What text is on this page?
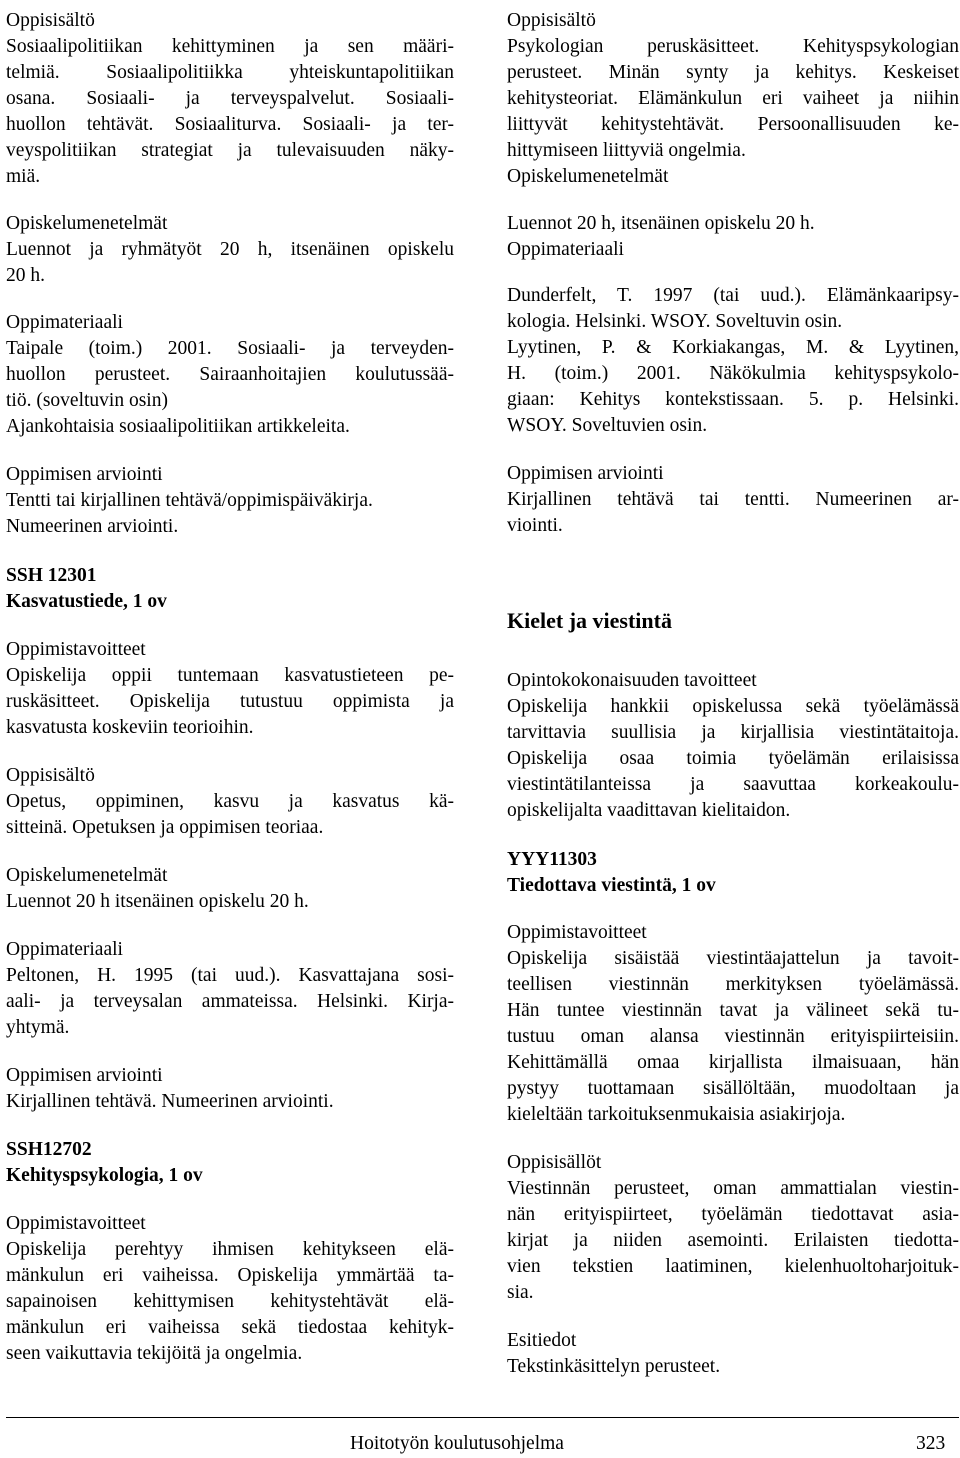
Oppisisältö
Sosiaalipolitiikan kehittyminen ja sen määri-
telmiä. Sosiaalipolitiikka yhteiskuntapolitiikan
osana. Sosiaali- ja terveyspalvelut. Sosiaali-
huollon tehtävät. Sosiaaliturva. Sosiaali- ja ter-
veyspolitiikan strategiat ja tulevaisuuden näky-
miä.
Opiskelumenetelmät
Luennot ja ryhmätyöt 20 h, itsenäinen opiskelu
20 h.
Oppimateriaali
Taipale (toim.) 2001. Sosiaali- ja terveyden-
huollon perusteet. Sairaanhoitajien koulutussää-
tiö. (soveltuvin osin)
Ajankohtaisia sosiaalipolitiikan artikkeleita.
Oppimisen arviointi
Tentti tai kirjallinen tehtävä/oppimispäiväkirja.
Numeerinen arviointi.
SSH 12301
Kasvatustiede, 1 ov
Oppimistavoitteet
Opiskelija oppii tuntemaan kasvatustieteen pe-
ruskäsitteet. Opiskelija tutustuu oppimista ja
kasvatusta koskeviin teorioihin.
Oppisisältö
Opetus, oppiminen, kasvu ja kasvatus kä-
sitteinä. Opetuksen ja oppimisen teoriaa.
Opiskelumenetelmät
Luennot 20 h itsenäinen opiskelu 20 h.
Oppimateriaali
Peltonen, H. 1995 (tai uud.). Kasvattajana sosi-
aali- ja terveysalan ammateissa. Helsinki. Kirja-
yhtymä.
Oppimisen arviointi
Kirjallinen tehtävä. Numeerinen arviointi.
SSH12702
Kehityspsykologia, 1 ov
Oppimistavoitteet
Opiskelija perehtyy ihmisen kehitykseen elä-
mänkulun eri vaiheissa. Opiskelija ymmärtää ta-
sapainoisen kehittymisen kehitystehtävät elä-
mänkulun eri vaiheissa sekä tiedostaa kehityk-
seen vaikuttavia tekijöitä ja ongelmia.
Oppisisältö
Psykologian peruskäsitteet. Kehityspsykologian
perusteet. Minän synty ja kehitys. Keskeiset
kehitysteoriat. Elämänkulun eri vaiheet ja niihin
liittyvät kehitystehtävät. Persoonallisuuden ke-
hittymiseen liittyviä ongelmia.
Opiskelumenetelmät
Luennot 20 h, itsenäinen opiskelu 20 h.
Oppimateriaali
Dunderfelt, T. 1997 (tai uud.). Elämänkaaripsy-
kologia. Helsinki. WSOY. Soveltuvin osin.
Lyytinen, P. & Korkiakangas, M. & Lyytinen,
H. (toim.) 2001. Näkökulmia kehityspsykolo-
giaan: Kehitys kontekstissaan. 5. p. Helsinki.
WSOY. Soveltuvien osin.
Oppimisen arviointi
Kirjallinen tehtävä tai tentti. Numeerinen ar-
viointi.
Kielet ja viestintä
Opintokokonaisuuden tavoitteet
Opiskelija hankkii opiskelussa sekä työelämässä
tarvittavia suullisia ja kirjallisia viestintätaitoja.
Opiskelija osaa toimia työelämän erilaisissa
viestintätilanteissa ja saavuttaa korkeakoulu-
opiskelijalta vaadittavan kielitaidon.
YYY11303
Tiedottava viestintä, 1 ov
Oppimistavoitteet
Opiskelija sisäistää viestintäajattelun ja tavoit-
teellisen viestinnän merkityksen työelämässä.
Hän tuntee viestinnän tavat ja välineet sekä tu-
tustuu oman alansa viestinnän erityispiirteisiin.
Kehittämällä omaa kirjallista ilmaisuaan, hän
pystyy tuottamaan sisällöltään, muodoltaan ja
kieleltään tarkoituksenmukaisia asiakirjoja.
Oppisisällöt
Viestinnän perusteet, oman ammattialan viestin-
nän erityispiirteet, työelämän tiedottavat asia-
kirjat ja niiden asemointi. Erilaisten tiedotta-
vien tekstien laatiminen, kielenhuoltoharjoituk-
sia.
Esitiedot
Tekstinkäsittelyn perusteet.
Hoitotyön koulutusohjelma	323
